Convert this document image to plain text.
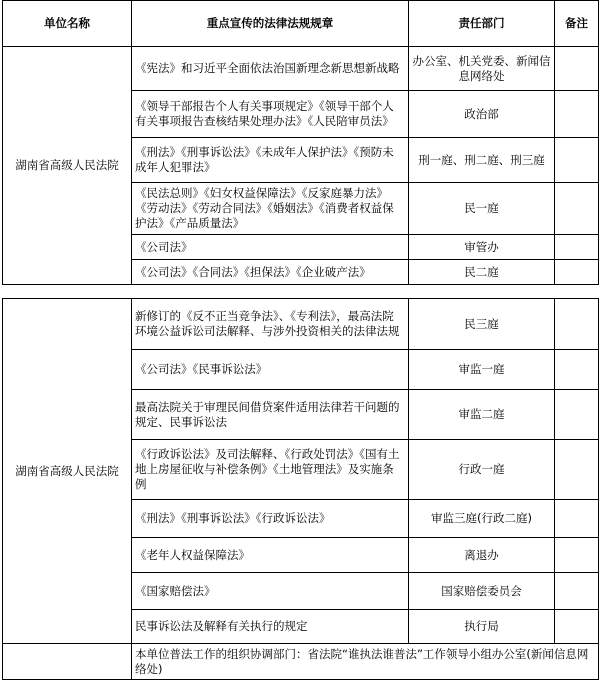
单位名称	重点宣传的法律法规规章	责任部门	备注
湖南省高级人民法院	《宪法》和习近平全面依法治国新理念新思想新战略	办公室、机关党委、新闻信息网络处	
	《领导干部报告个人有关事项规定》《领导干部个人有关事项报告查核结果处理办法》《人民陪审员法》	政治部	
	《刑法》《刑事诉讼法》《未成年人保护法》《预防未成年人犯罪法》	刑一庭、刑二庭、刑三庭	
	《民法总则》《妇女权益保障法》《反家庭暴力法》《劳动法》《劳动合同法》《婚姻法》《消费者权益保护法》《产品质量法》	民一庭	
	《公司法》	审管办	
	《公司法》《合同法》《担保法》《企业破产法》	民二庭	
湖南省高级人民法院	新修订的《反不正当竞争法》、《专利法》，最高法院环境公益诉讼司法解释、与涉外投资相关的法律法规	民三庭	
	《公司法》《民事诉讼法》	审监一庭	
	最高法院关于审理民间借贷案件适用法律若干问题的规定、民事诉讼法	审监二庭	
	《行政诉讼法》及司法解释、《行政处罚法》《国有土地上房屋征收与补偿条例》《土地管理法》及实施条例	行政一庭	
	《刑法》《刑事诉讼法》《行政诉讼法》	审监三庭(行政二庭)	
	《老年人权益保障法》	离退办	
	《国家赔偿法》	国家赔偿委员会	
	民事诉讼法及解释有关执行的规定	执行局	
	本单位普法工作的组织协调部门：省法院“谁执法谁普法”工作领导小组办公室(新闻信息网络处)		
